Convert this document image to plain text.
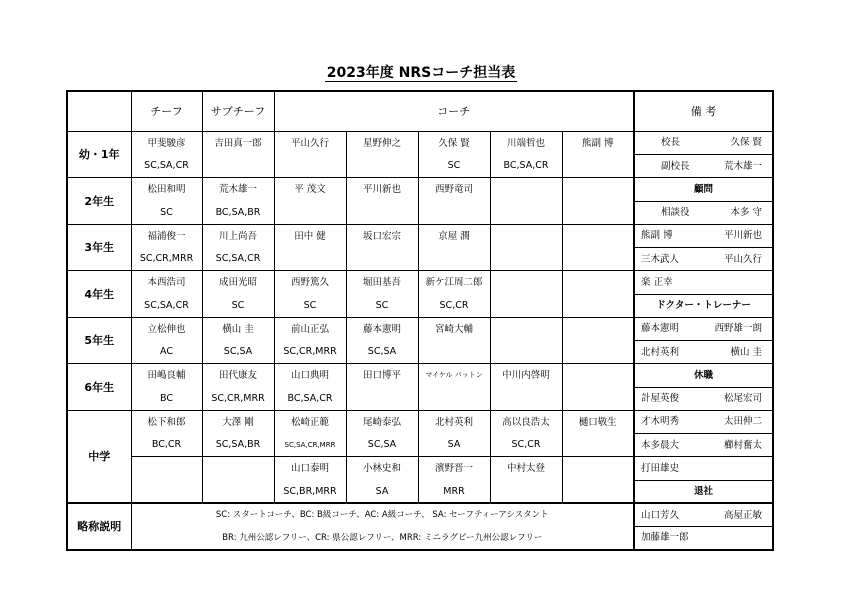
2023年度 NRSコーチ担当表
	チーフ	サブチーフ	コーチ					備 考
幼・1年	甲斐駿彦	吉田真一郎	平山久行	星野伸之	久保 賢	川端哲也	熊副 博	校長 久保 賢

	SC,SA,CR				SC	BC,SA,CR		副校長 荒木雄一

2年生	松田和明	荒木雄一	平 茂文	平川新也	西野竜司			顧問
	SC	BC,SA,BR						相談役 本多 守

3年生	福浦俊一	川上尚吾	田中 健	坂口宏宗	京屋 潤			熊副 博 平川新也

	SC,CR,MRR	SC,SA,CR						三木武人 平山久行

4年生	本西浩司	成田光昭	西野篤久	堀田基吾	新ケ江周二郎			楽 正幸

	SC,SA,CR	SC	SC	SC	SC,CR			ドクター・トレーナー
5年生	立松伸也	横山 圭	前山正弘	藤本憲明	宮崎大輔			藤本憲明 西野雄一朗

	AC	SC,SA	SC,CR,MRR	SC,SA				北村英利 横山 圭

6年生	田嶋良輔	田代康友	山口典明	田口博平	マイケル パットン	中川内啓明		休職
	BC	SC,CR,MRR	BC,SA,CR					計屋英俊 松尾宏司

中学	松下和郎	大澤 剛	松崎正範	尾崎泰弘	北村英利	高以良浩太	樋口敬生	才木明秀 太田伸二

	BC,CR	SC,SA,BR	SC,SA,CR,MRR	SC,SA	SA	SC,CR		本多晨大 櫛村奮太

			山口泰明	小林史和	濱野晋一	中村太登		打田雄史

			SC,BR,MRR	SA	MRR			退社
略称説明	SC: スタートコーチ、BC: B級コーチ、AC: A級コーチ、 SA: セーフティーアシスタント							山口芳久 高屋正敏

	BR: 九州公認レフリー、CR: 県公認レフリー、MRR: ミニラグビー九州公認レフリー							加藤雄一郎
